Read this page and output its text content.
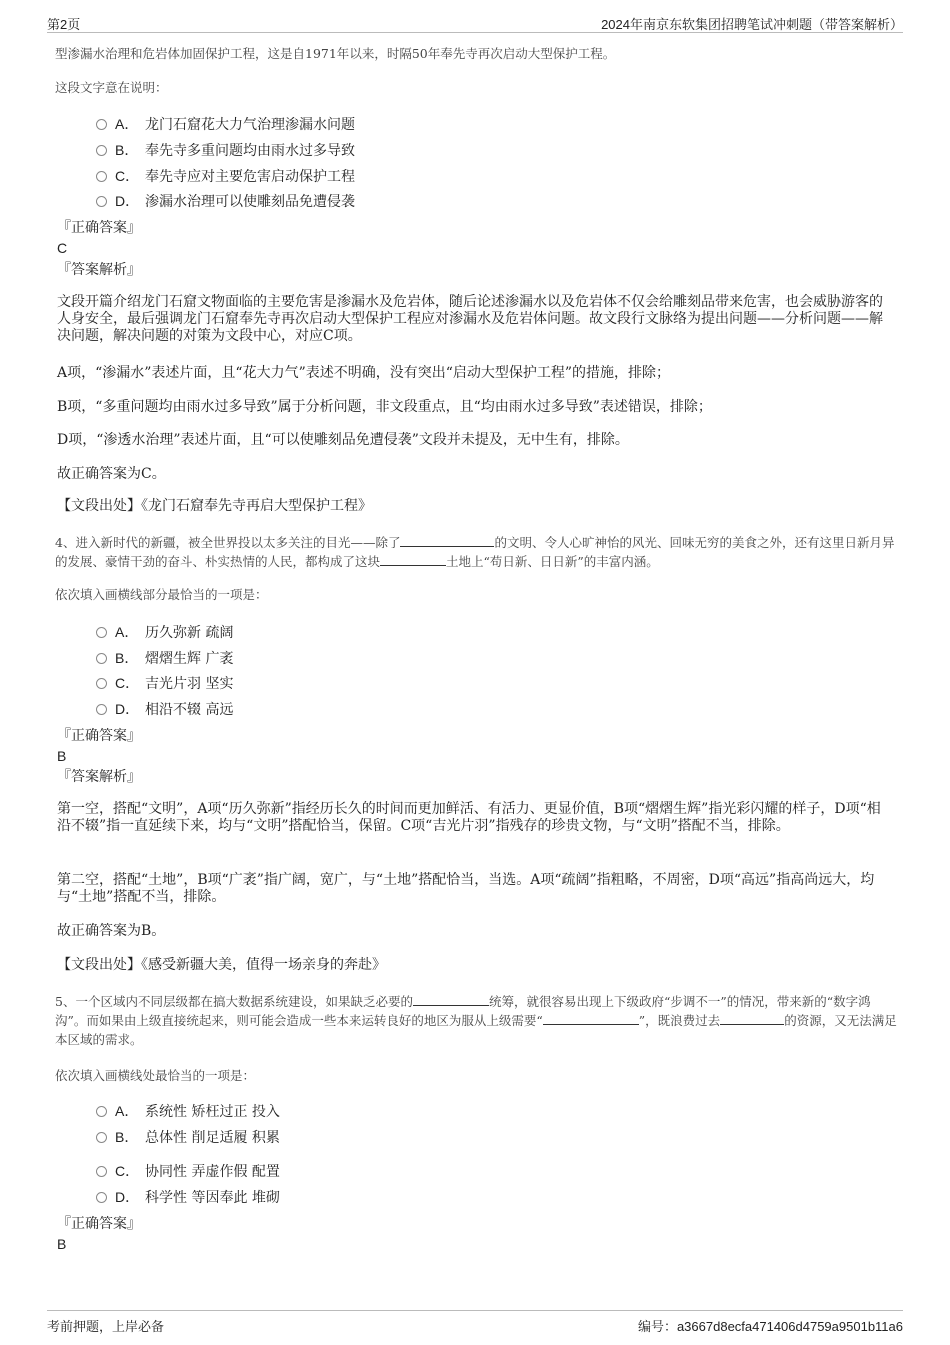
第2页	2024年南京东软集团招聘笔试冲刺题（带答案解析）
型渗漏水治理和危岩体加固保护工程，这是自1971年以来，时隔50年奉先寺再次启动大型保护工程。
这段文字意在说明：
A． 龙门石窟花大力气治理渗漏水问题
B． 奉先寺多重问题均由雨水过多导致
C． 奉先寺应对主要危害启动保护工程
D． 渗漏水治理可以使雕刻品免遭侵袭
『正确答案』
C
『答案解析』
文段开篇介绍龙门石窟文物面临的主要危害是渗漏水及危岩体，随后论述渗漏水以及危岩体不仅会给雕刻品带来危害，也会威胁游客的人身安全，最后强调龙门石窟奉先寺再次启动大型保护工程应对渗漏水及危岩体问题。故文段行文脉络为提出问题——分析问题——解决问题，解决问题的对策为文段中心，对应C项。
A项，“渗漏水”表述片面，且“花大力气”表述不明确，没有突出“启动大型保护工程”的措施，排除；
B项，“多重问题均由雨水过多导致”属于分析问题，非文段重点，且“均由雨水过多导致”表述错误，排除；
D项，“渗透水治理”表述片面，且“可以使雕刻品免遭侵袭”文段并未提及，无中生有，排除。
故正确答案为C。
【文段出处】《龙门石窟奉先寺再启大型保护工程》
4、进入新时代的新疆，被全世界投以太多关注的目光——除了	的文明、令人心旷神怡的风光、回味无穷的美食之外，还有这里日新月异的发展、豪情干劲的奋斗、朴实热情的人民，都构成了这块	土地上“苟日新、日日新”的丰富内涵。
依次填入画横线部分最恰当的一项是：
A． 历久弥新 疏阔
B． 熠熠生辉 广袤
C． 吉光片羽 坚实
D． 相沿不辍 高远
『正确答案』
B
『答案解析』
第一空，搭配“文明”，A项“历久弥新”指经历长久的时间而更加鲜活、有活力、更显价值，B项“熠熠生辉”指光彩闪耀的样子，D项“相沿不辍”指一直延续下来，均与“文明”搭配恰当，保留。C项“吉光片羽”指残存的珍贵文物，与“文明”搭配不当，排除。
第二空，搭配“土地”，B项“广袤”指广阔，宽广，与“土地”搭配恰当，当选。A项“疏阔”指粗略，不周密，D项“高远”指高尚远大，均与“土地”搭配不当，排除。
故正确答案为B。
【文段出处】《感受新疆大美，值得一场亲身的奔赴》
5、一个区域内不同层级都在搞大数据系统建设，如果缺乏必要的	统筹，就很容易出现上下级政府“步调不一”的情况，带来新的“数字鸿沟”。而如果由上级直接统起来，则可能会造成一些本来运转良好的地区为服从上级需要“	”，既浪费过去	的资源，又无法满足本区域的需求。
依次填入画横线处最恰当的一项是：
A． 系统性 矫枉过正 投入
B． 总体性 削足适履 积累
C． 协同性 弄虚作假 配置
D． 科学性 等因奉此 堆砌
『正确答案』
B
考前押题，上岸必备	编号：a3667d8ecfa471406d4759a9501b11a6
